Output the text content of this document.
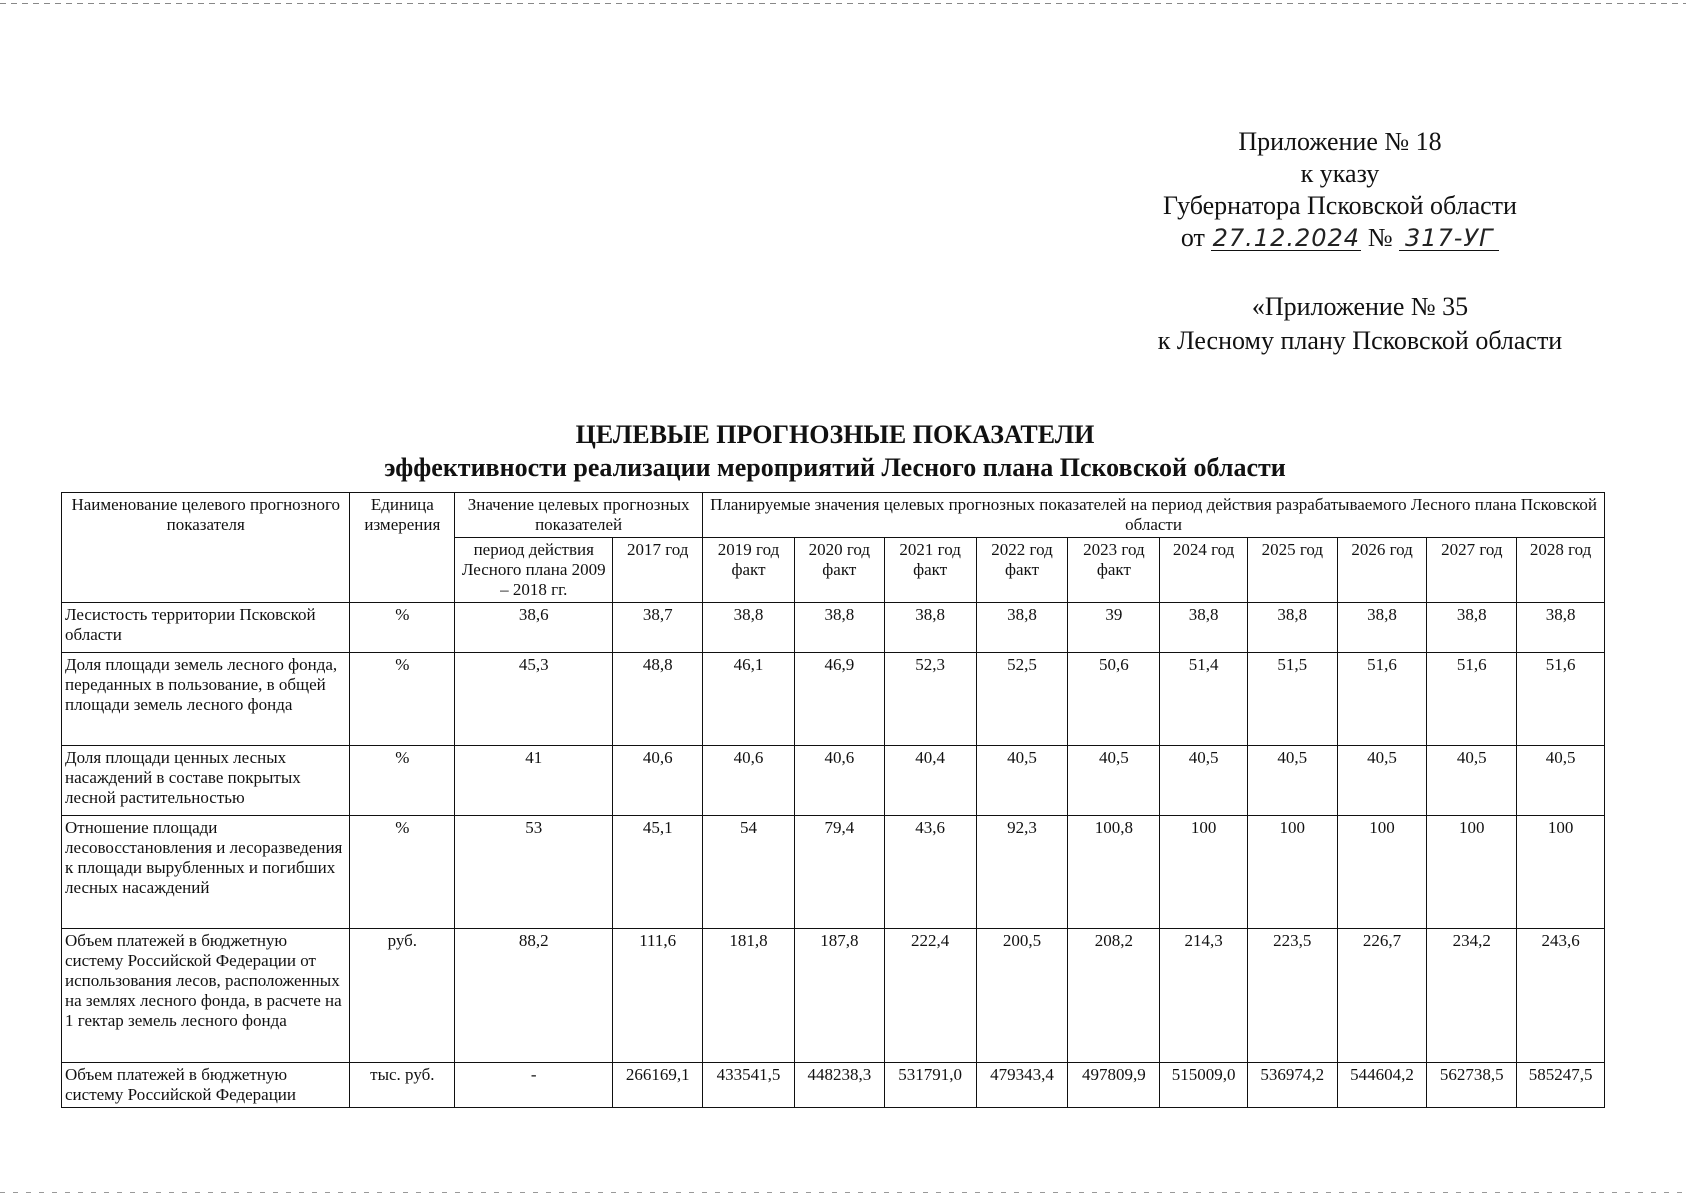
Приложение № 18
к указу
Губернатора Псковской области
от 27.12.2024 № 317-УГ
«Приложение № 35
к Лесному плану Псковской области
ЦЕЛЕВЫЕ ПРОГНОЗНЫЕ ПОКАЗАТЕЛИ
эффективности реализации мероприятий Лесного плана Псковской области
Наименование целевого прогнозного показателя	Единица измерения	Значение целевых прогнозных показателей		Планируемые значения целевых прогнозных показателей на период действия разрабатываемого Лесного плана Псковской области									
		период действия Лесного плана 2009 – 2018 гг.	2017 год	2019 год факт	2020 год факт	2021 год факт	2022 год факт	2023 год факт	2024 год	2025 год	2026 год	2027 год	2028 год
Лесистость территории Псковской области	%	38,6	38,7	38,8	38,8	38,8	38,8	39	38,8	38,8	38,8	38,8	38,8
Доля площади земель лесного фонда, переданных в пользование, в общей площади земель лесного фонда	%	45,3	48,8	46,1	46,9	52,3	52,5	50,6	51,4	51,5	51,6	51,6	51,6
Доля площади ценных лесных насаждений в составе покрытых лесной растительностью	%	41	40,6	40,6	40,6	40,4	40,5	40,5	40,5	40,5	40,5	40,5	40,5
Отношение площади лесовосстановления и лесоразведения к площади вырубленных и погибших лесных насаждений	%	53	45,1	54	79,4	43,6	92,3	100,8	100	100	100	100	100
Объем платежей в бюджетную систему Российской Федерации от использования лесов, расположенных на землях лесного фонда, в расчете на 1 гектар земель лесного фонда	руб.	88,2	111,6	181,8	187,8	222,4	200,5	208,2	214,3	223,5	226,7	234,2	243,6
Объем платежей в бюджетную систему Российской Федерации	тыс. руб.	-	266169,1	433541,5	448238,3	531791,0	479343,4	497809,9	515009,0	536974,2	544604,2	562738,5	585247,5
